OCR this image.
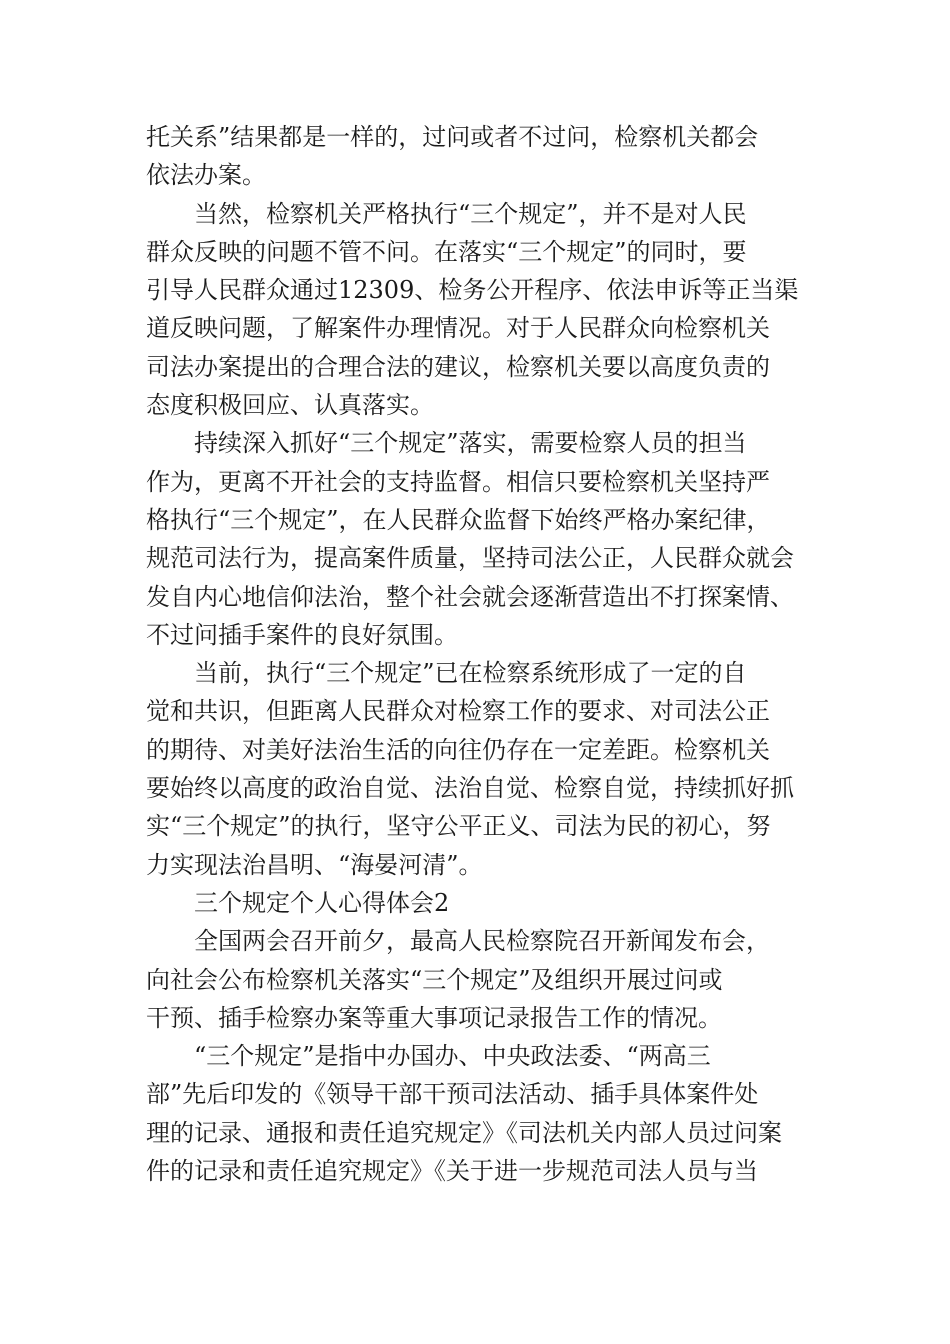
托关系”结果都是一样的，过问或者不过问，检察机关都会
依法办案。
当然，检察机关严格执行“三个规定”，并不是对人民
群众反映的问题不管不问。在落实“三个规定”的同时，要
引导人民群众通过12309、检务公开程序、依法申诉等正当渠
道反映问题，了解案件办理情况。对于人民群众向检察机关
司法办案提出的合理合法的建议，检察机关要以高度负责的
态度积极回应、认真落实。
持续深入抓好“三个规定”落实，需要检察人员的担当
作为，更离不开社会的支持监督。相信只要检察机关坚持严
格执行“三个规定”，在人民群众监督下始终严格办案纪律，
规范司法行为，提高案件质量，坚持司法公正，人民群众就会
发自内心地信仰法治，整个社会就会逐渐营造出不打探案情、
不过问插手案件的良好氛围。
当前，执行“三个规定”已在检察系统形成了一定的自
觉和共识，但距离人民群众对检察工作的要求、对司法公正
的期待、对美好法治生活的向往仍存在一定差距。检察机关
要始终以高度的政治自觉、法治自觉、检察自觉，持续抓好抓
实“三个规定”的执行，坚守公平正义、司法为民的初心，努
力实现法治昌明、“海晏河清”。
三个规定个人心得体会2
全国两会召开前夕，最高人民检察院召开新闻发布会，
向社会公布检察机关落实“三个规定”及组织开展过问或
干预、插手检察办案等重大事项记录报告工作的情况。
“三个规定”是指中办国办、中央政法委、“两高三
部”先后印发的《领导干部干预司法活动、插手具体案件处
理的记录、通报和责任追究规定》《司法机关内部人员过问案
件的记录和责任追究规定》《关于进一步规范司法人员与当
